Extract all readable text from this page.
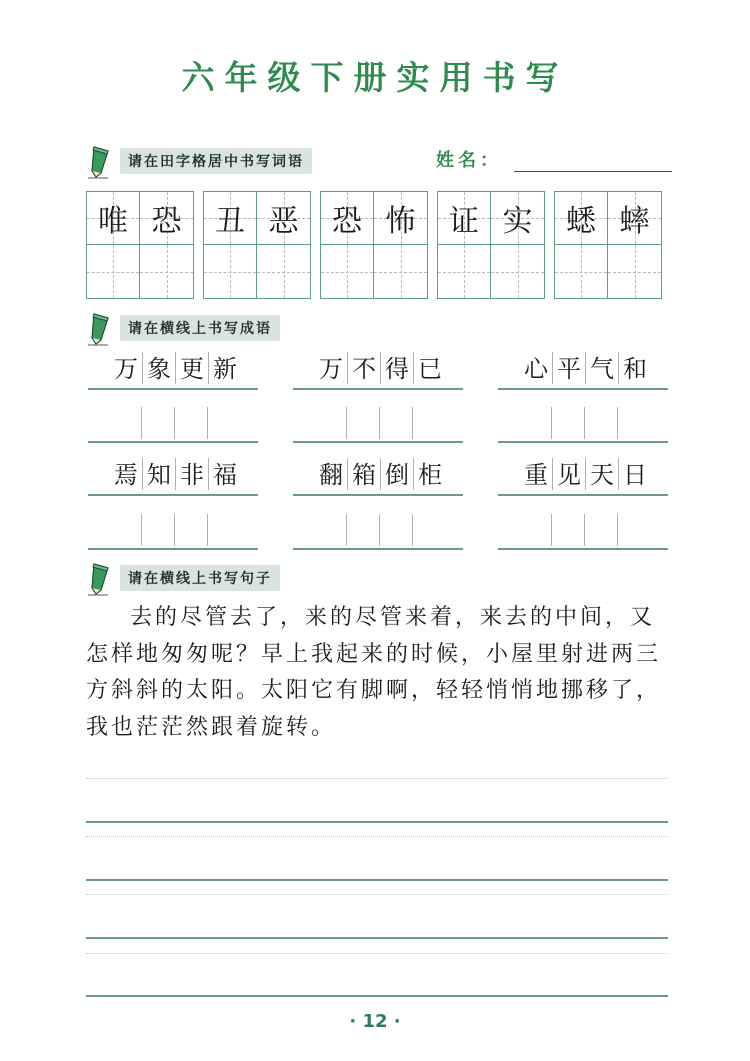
六年级下册实用书写
请在田字格居中书写词语	姓名：
唯 恐 丑 恶 恐 怖 证 实 蟋 蟀
请在横线上书写成语
万 象 更 新	万 不 得 已	心 平 气 和
焉 知 非 福	翻 箱 倒 柜	重 见 天 日
请在横线上书写句子

去的尽管去了，来的尽管来着，来去的中间，又怎样地匆匆呢？早上我起来的时候，小屋里射进两三方斜斜的太阳。太阳它有脚啊，轻轻悄悄地挪移了，我也茫茫然跟着旋转。

· 12 ·
